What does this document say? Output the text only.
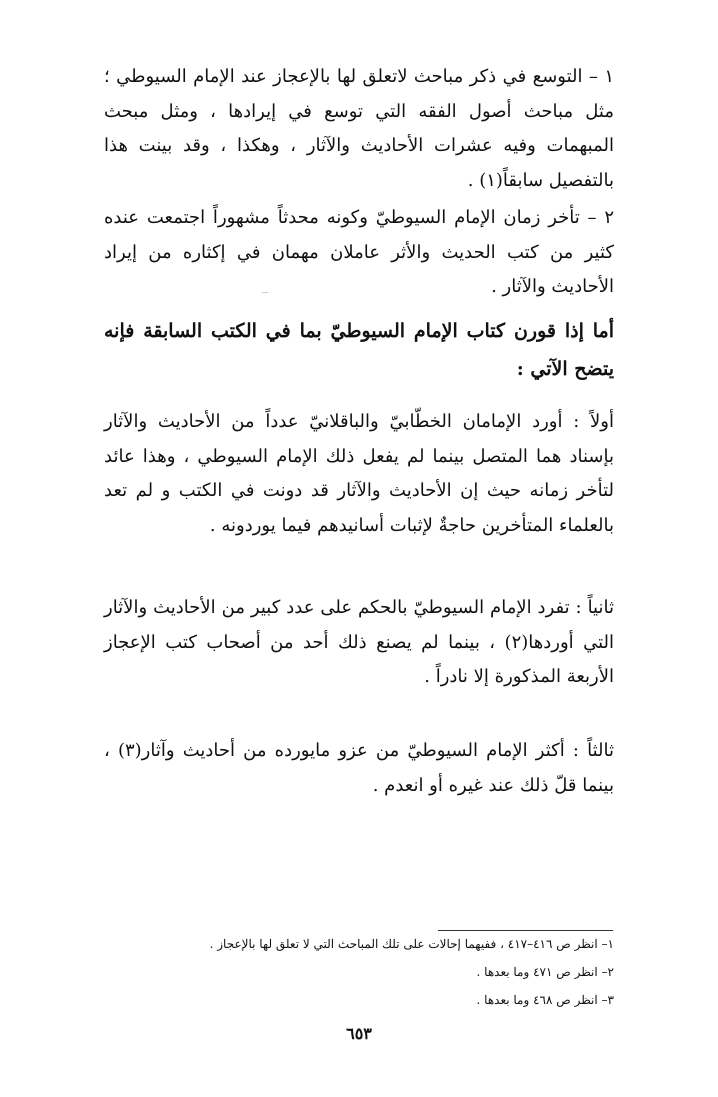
١ – التوسع في ذكر مباحث لاتعلق لها بالإعجاز عند الإمام السيوطي ؛ مثل مباحث أصول الفقه التي توسع في إيرادها ، ومثل مبحث المبهمات وفيه عشرات الأحاديث والآثار ، وهكذا ، وقد بينت هذا بالتفصيل سابقاً(١) .

٢ – تأخر زمان الإمام السيوطيّ وكونه محدثاً مشهوراً اجتمعت عنده كثير من كتب الحديث والأثر عاملان مهمان في إكثاره من إيراد الأحاديث والآثار .

أما إذا قورن كتاب الإمام السيوطيّ بما في الكتب السابقة فإنه يتضح الآتي :

أولاً : أورد الإمامان الخطّابيّ والباقلانيّ عدداً من الأحاديث والآثار بإسناد هما المتصل بينما لم يفعل ذلك الإمام السيوطي ، وهذا عائد لتأخر زمانه حيث إن الأحاديث والآثار قد دونت في الكتب و لم تعد بالعلماء المتأخرين حاجةٌ لإثبات أسانيدهم فيما يوردونه .

ثانياً : تفرد الإمام السيوطيّ بالحكم على عدد كبير من الأحاديث والآثار التي أوردها(٢) ، بينما لم يصنع ذلك أحد من أصحاب كتب الإعجاز الأربعة المذكورة إلا نادراً .

ثالثاً : أكثر الإمام السيوطيّ من عزو مايورده من أحاديث وآثار(٣) ، بينما قلّ ذلك عند غيره أو انعدم .

١– انظر ص ٤١٦–٤١٧ ، ففيهما إحالات على تلك المباحث التي لا تعلق لها بالإعجاز .
٢– انظر ص ٤٧١ وما بعدها .
٣– انظر ص ٤٦٨ وما بعدها .
٦٥٣
